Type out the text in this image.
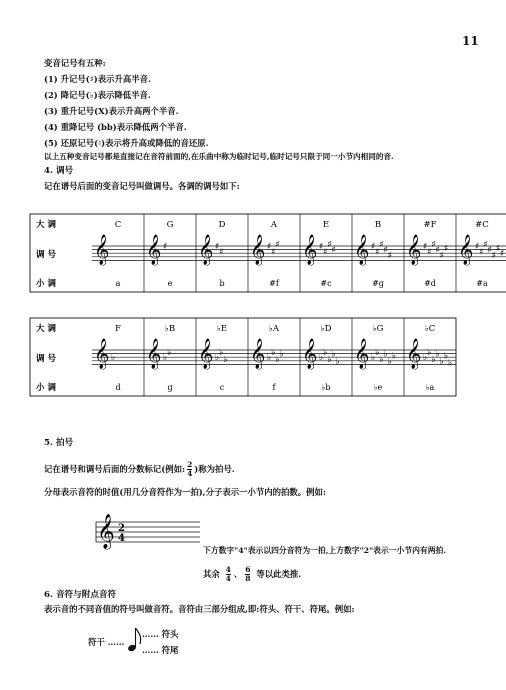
11
变音记号有五种:
(1) 升记号(♯)表示升高半音.
(2) 降记号(♭)表示降低半音.
(3) 重升记号(X)表示升高两个半音.
(4) 重降记号 (bb)表示降低两个半音.
(5) 还原记号(♮)表示将升高或降低的音还原.
以上五种变音记号都是直接记在音符前面的,在乐曲中称为临时记号,临时记号只限于同一小节内相同的音.
4. 调号
记在谱号后面的变音记号叫做调号。各调的调号如下:
大 调
调 号
小 调
C
a
𝄞
G
e
𝄞 ♯
D
b
𝄞 ♯
♯
A
#f
𝄞 ♯
♯
♯
E
#c
𝄞 ♯
♯
♯
♯
B
#g
𝄞 ♯
♯
♯
♯
♯
#F
#d
𝄞 ♯
♯
♯
♯
♯
♯
#C
#a
𝄞 ♯
♯
♯
♯
♯
♯
♯
大 调
调 号
小 调
F
d
𝄞 ♭
♭B
g
𝄞 ♭
♭
♭E
c
𝄞 ♭
♭
♭
♭A
f
𝄞 ♭
♭
♭
♭
♭D
♭b
𝄞 ♭
♭
♭
♭
♭
♭G
♭e
𝄞 ♭
♭
♭
♭
♭
♭
♭C
♭a
𝄞 ♭
♭
♭
♭
♭
♭
♭
𝄞 2
4
5. 拍号
记在谱号和调号后面的分数标记(例如: $\frac{2}{4}$ )称为拍号.
分母表示音符的时值(用几分音符作为一拍),分子表示一小节内的拍数。例如:
下方数字"4"表示以四分音符为一拍,上方数字"2"表示一小节内有两拍.
其余 $\frac{4}{4}$ 、 $\frac{6}{8}$ 等以此类推.
6. 音符与附点音符
表示音的不同音值的符号叫做音符。音符由三部分组成,即:符头、符干、符尾。例如:
符干 ……
…… 符头
…… 符尾
